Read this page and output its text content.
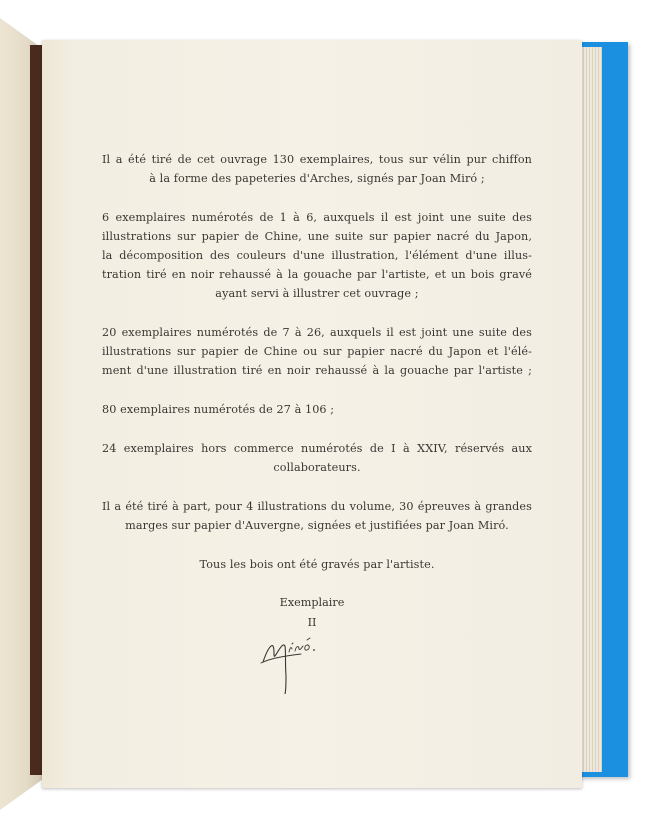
Il a été tiré de cet ouvrage 130 exemplaires, tous sur vélin pur chiffon
à la forme des papeteries d'Arches, signés par Joan Miró ;

6 exemplaires numérotés de 1 à 6, auxquels il est joint une suite des
illustrations sur papier de Chine, une suite sur papier nacré du Japon,
la décomposition des couleurs d'une illustration, l'élément d'une illus-
tration tiré en noir rehaussé à la gouache par l'artiste, et un bois gravé
ayant servi à illustrer cet ouvrage ;

20 exemplaires numérotés de 7 à 26, auxquels il est joint une suite des
illustrations sur papier de Chine ou sur papier nacré du Japon et l'élé-
ment d'une illustration tiré en noir rehaussé à la gouache par l'artiste ;

80 exemplaires numérotés de 27 à 106 ;

24 exemplaires hors commerce numérotés de I à XXIV, réservés aux
collaborateurs.

Il a été tiré à part, pour 4 illustrations du volume, 30 épreuves à grandes
marges sur papier d'Auvergne, signées et justifiées par Joan Miró.

Tous les bois ont été gravés par l'artiste.

Exemplaire
II
